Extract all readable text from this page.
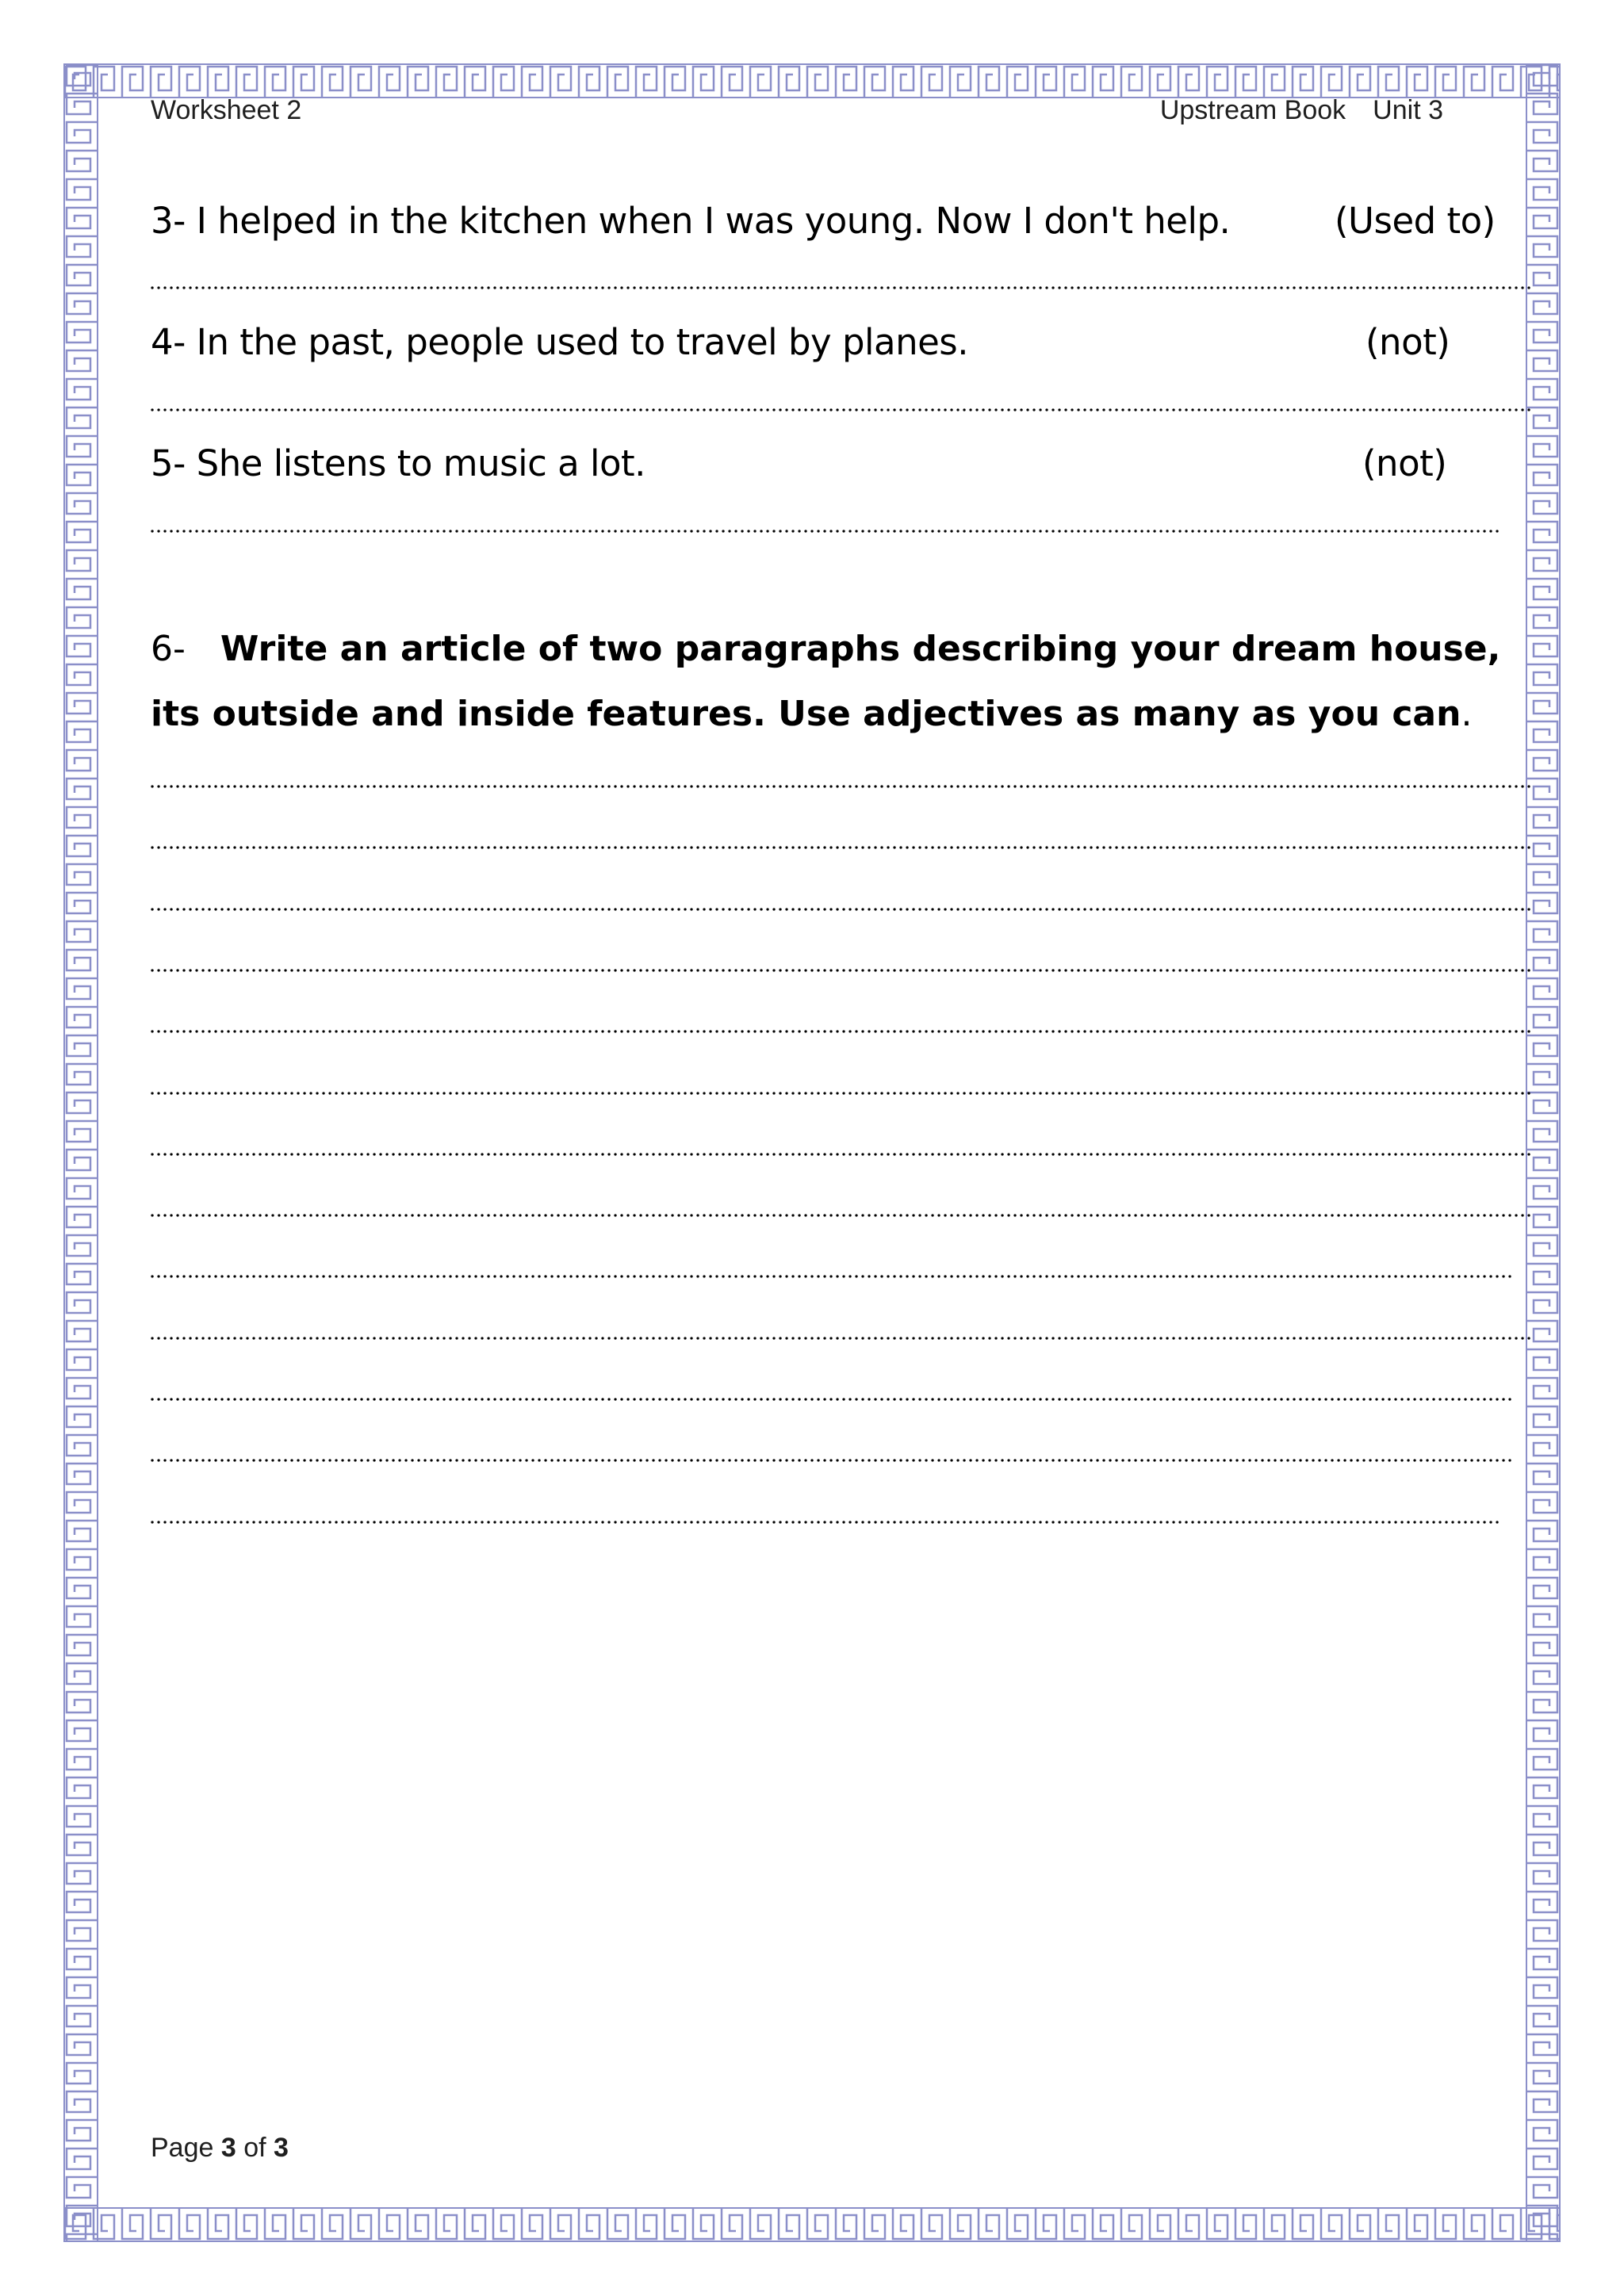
Worksheet 2	Upstream Book Unit 3
3- I helped in the kitchen when I was young. Now I don't help.	(Used to)
4- In the past, people used to travel by planes.	(not)
5- She listens to music a lot.	(not)
6- Write an article of two paragraphs describing your dream house,
its outside and inside features. Use adjectives as many as you can.
Page 3 of 3
